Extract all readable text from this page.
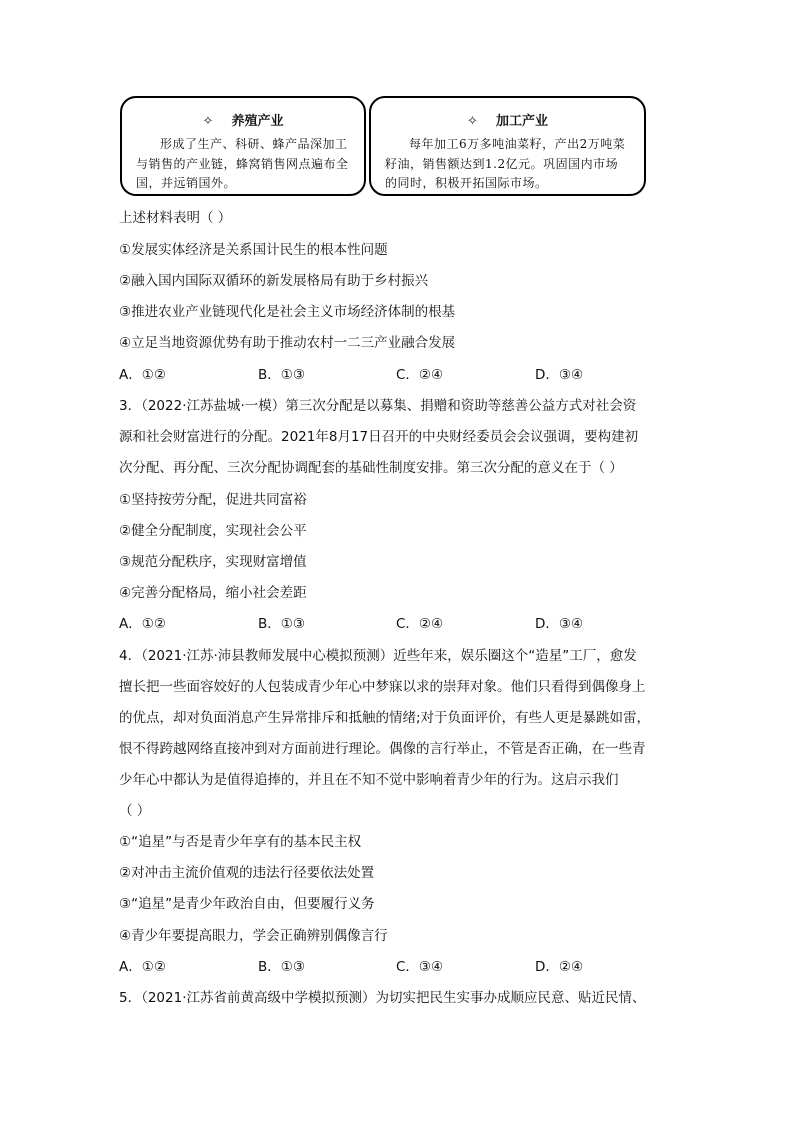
✧ 养殖产业
形成了生产、科研、蜂产品深加工与销售的产业链，蜂窝销售网点遍布全国，并远销国外。
✧ 加工产业
每年加工6万多吨油菜籽，产出2万吨菜籽油，销售额达到1.2亿元。巩固国内市场的同时，积极开拓国际市场。
上述材料表明（ ）
①发展实体经济是关系国计民生的根本性问题
②融入国内国际双循环的新发展格局有助于乡村振兴
③推进农业产业链现代化是社会主义市场经济体制的根基
④立足当地资源优势有助于推动农村一二三产业融合发展
A．①②	B．①③	C．②④	D．③④
3．（2022·江苏盐城·一模）第三次分配是以募集、捐赠和资助等慈善公益方式对社会资
源和社会财富进行的分配。2021年8月17日召开的中央财经委员会会议强调，要构建初
次分配、再分配、三次分配协调配套的基础性制度安排。第三次分配的意义在于（ ）
①坚持按劳分配，促进共同富裕
②健全分配制度，实现社会公平
③规范分配秩序，实现财富增值
④完善分配格局，缩小社会差距
A．①②	B．①③	C．②④	D．③④
4．（2021·江苏·沛县教师发展中心模拟预测）近些年来，娱乐圈这个“造星”工厂，愈发
擅长把一些面容姣好的人包装成青少年心中梦寐以求的崇拜对象。他们只看得到偶像身上
的优点，却对负面消息产生异常排斥和抵触的情绪;对于负面评价，有些人更是暴跳如雷，
恨不得跨越网络直接冲到对方面前进行理论。偶像的言行举止，不管是否正确，在一些青
少年心中都认为是值得追捧的，并且在不知不觉中影响着青少年的行为。这启示我们
（ ）
①“追星”与否是青少年享有的基本民主权
②对冲击主流价值观的违法行径要依法处置
③“追星”是青少年政治自由，但要履行义务
④青少年要提高眼力，学会正确辨别偶像言行
A．①②	B．①③	C．③④	D．②④
5．（2021·江苏省前黄高级中学模拟预测）为切实把民生实事办成顺应民意、贴近民情、
